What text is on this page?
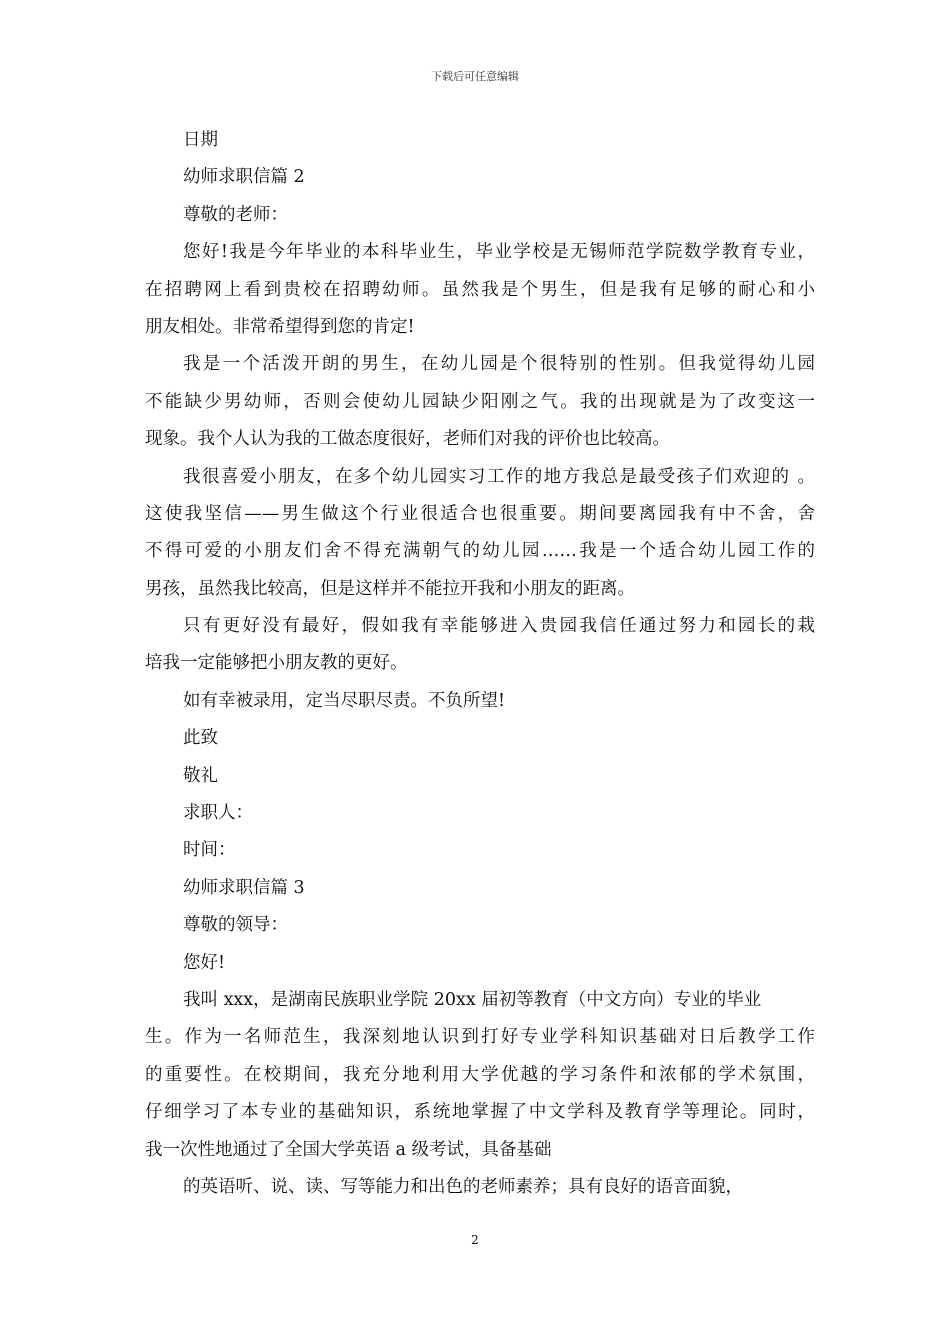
下载后可任意编辑
日期
幼师求职信篇 2
尊敬的老师：
您好!我是今年毕业的本科毕业生，毕业学校是无锡师范学院数学教育专业，
在招聘网上看到贵校在招聘幼师。虽然我是个男生，但是我有足够的耐心和小
朋友相处。非常希望得到您的肯定!
我是一个活泼开朗的男生，在幼儿园是个很特别的性别。但我觉得幼儿园
不能缺少男幼师，否则会使幼儿园缺少阳刚之气。我的出现就是为了改变这一
现象。我个人认为我的工做态度很好，老师们对我的评价也比较高。
我很喜爱小朋友，在多个幼儿园实习工作的地方我总是最受孩子们欢迎的 。
这使我坚信——男生做这个行业很适合也很重要。期间要离园我有中不舍，舍
不得可爱的小朋友们舍不得充满朝气的幼儿园……我是一个适合幼儿园工作的
男孩，虽然我比较高，但是这样并不能拉开我和小朋友的距离。
只有更好没有最好，假如我有幸能够进入贵园我信任通过努力和园长的栽
培我一定能够把小朋友教的更好。
如有幸被录用，定当尽职尽责。不负所望!
此致
敬礼
求职人：
时间：
幼师求职信篇 3
尊敬的领导：
您好!
我叫 xxx，是湖南民族职业学院 20xx 届初等教育（中文方向）专业的毕业
生。作为一名师范生，我深刻地认识到打好专业学科知识基础对日后教学工作
的重要性。在校期间，我充分地利用大学优越的学习条件和浓郁的学术氛围，
仔细学习了本专业的基础知识，系统地掌握了中文学科及教育学等理论。同时，
我一次性地通过了全国大学英语 a 级考试，具备基础
的英语听、说、读、写等能力和出色的老师素养；具有良好的语音面貌，
2
